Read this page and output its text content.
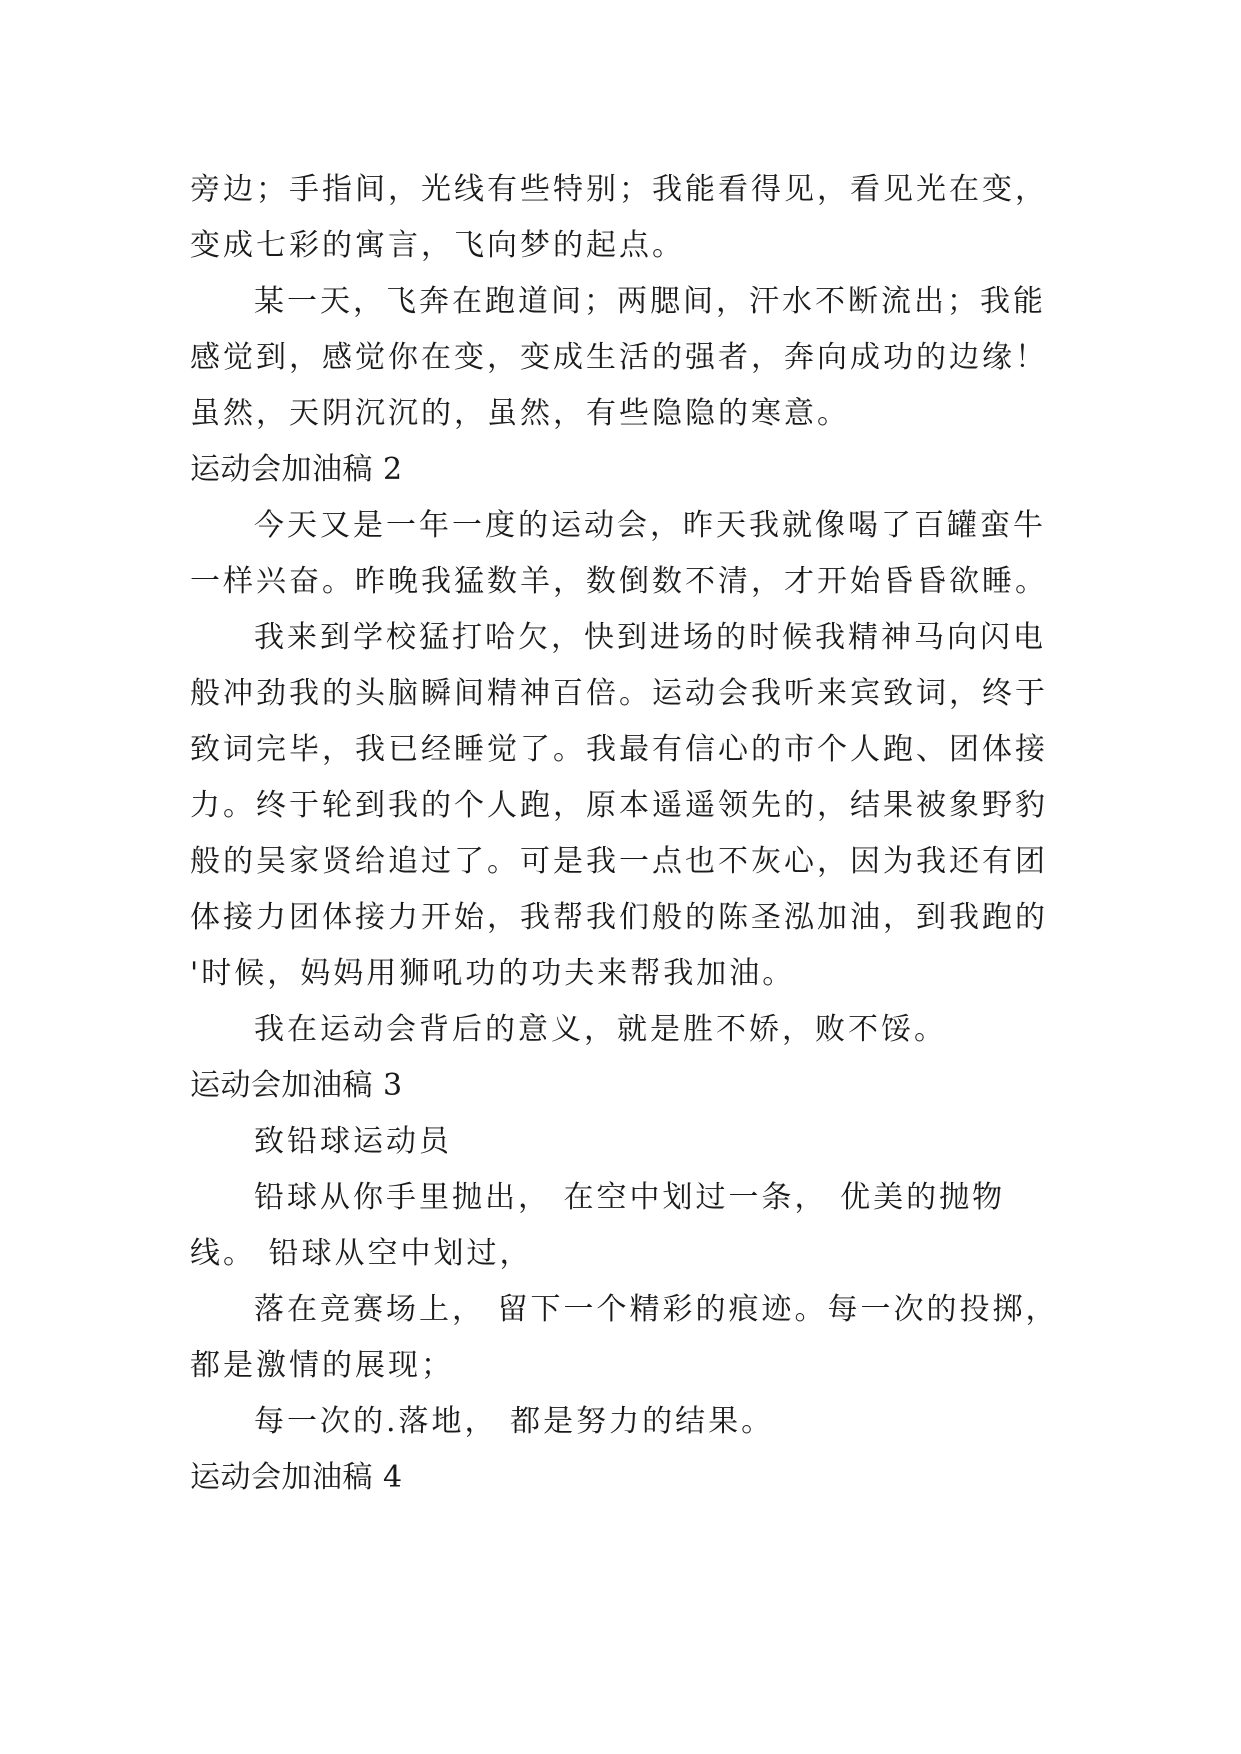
旁边；手指间，光线有些特别；我能看得见，看见光在变，
变成七彩的寓言，飞向梦的起点。
某一天，飞奔在跑道间；两腮间，汗水不断流出；我能
感觉到，感觉你在变，变成生活的强者，奔向成功的边缘！
虽然，天阴沉沉的，虽然，有些隐隐的寒意。
运动会加油稿 2
今天又是一年一度的运动会，昨天我就像喝了百罐蛮牛
一样兴奋。昨晚我猛数羊，数倒数不清，才开始昏昏欲睡。
我来到学校猛打哈欠，快到进场的时候我精神马向闪电
般冲劲我的头脑瞬间精神百倍。运动会我听来宾致词，终于
致词完毕，我已经睡觉了。我最有信心的市个人跑、团体接
力。终于轮到我的个人跑，原本遥遥领先的，结果被象野豹
般的吴家贤给追过了。可是我一点也不灰心，因为我还有团
体接力团体接力开始，我帮我们般的陈圣泓加油，到我跑的
'时候，妈妈用狮吼功的功夫来帮我加油。
我在运动会背后的意义，就是胜不娇，败不馁。
运动会加油稿 3
致铅球运动员
铅球从你手里抛出， 在空中划过一条， 优美的抛物
线。 铅球从空中划过，
落在竞赛场上， 留下一个精彩的痕迹。每一次的投掷，
都是激情的展现；
每一次的.落地， 都是努力的结果。
运动会加油稿 4
